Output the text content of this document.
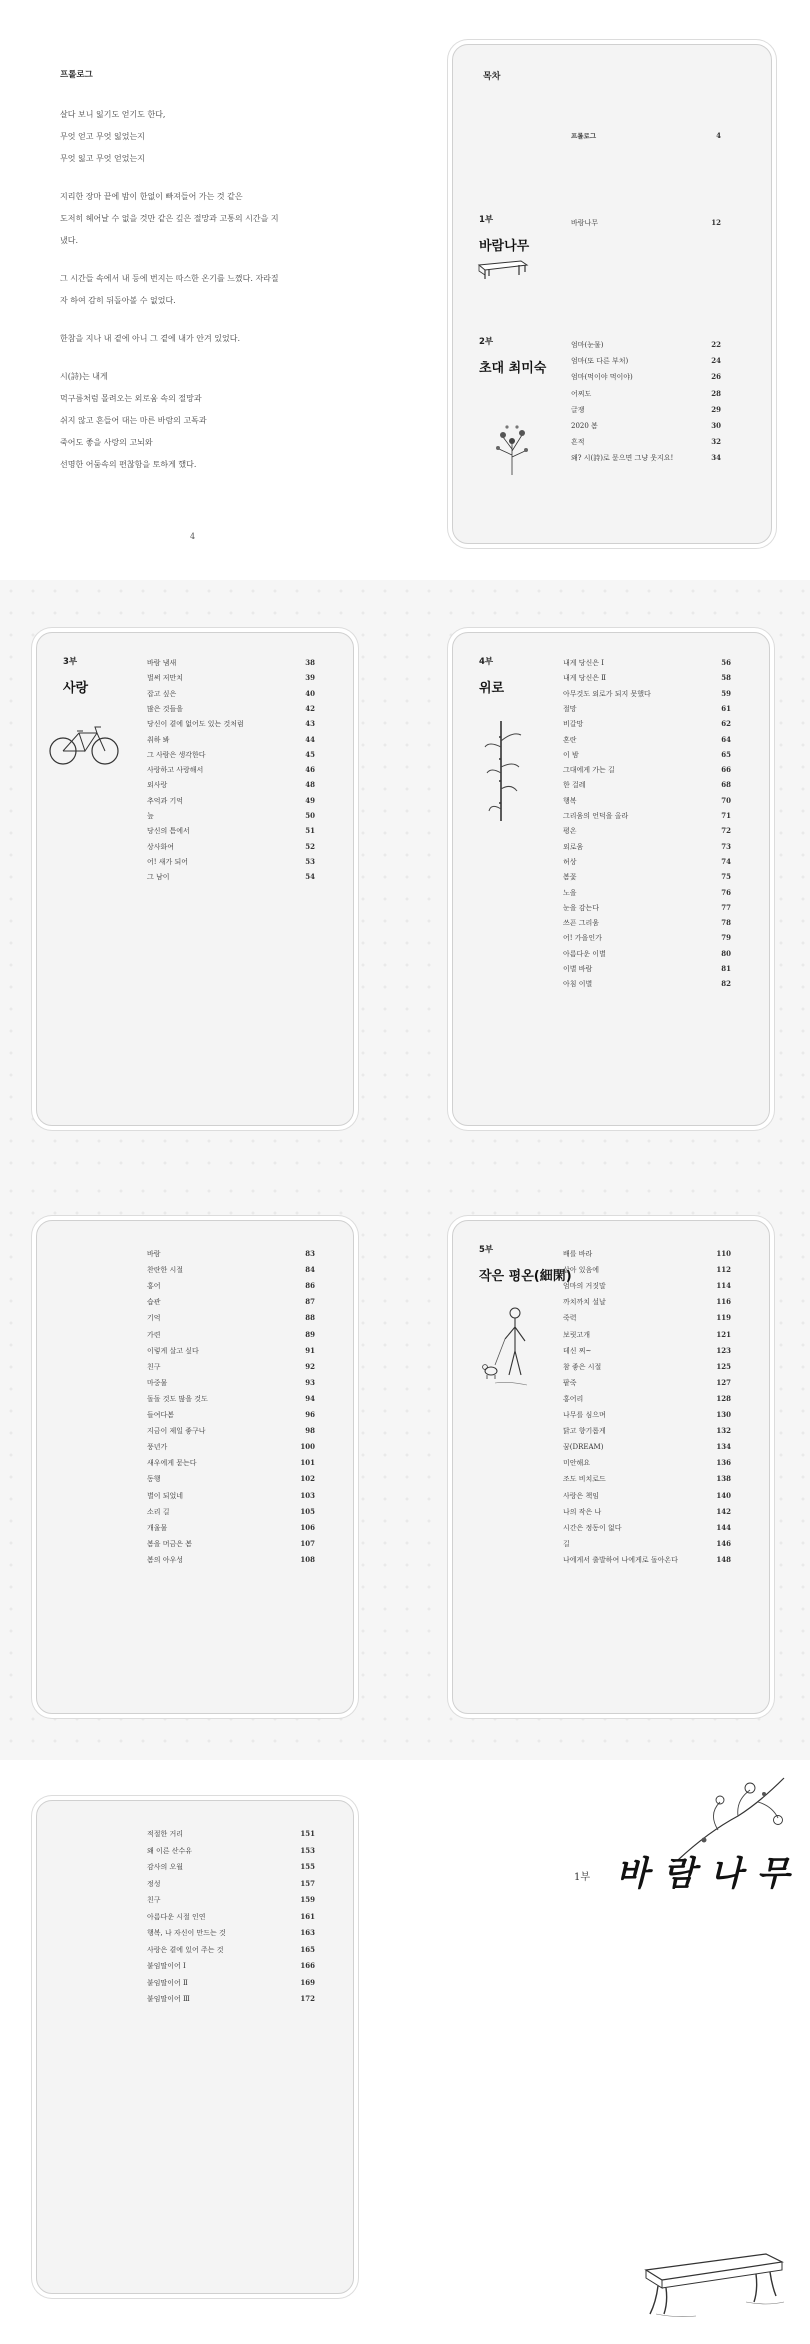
프롤로그

살다 보니 잃기도 얻기도 한다,
무엇 얻고 무엇 잃었는지
무엇 잃고 무엇 얻었는지

지리한 장마 끝에 밤이 한없이 빠져들어 가는 것 같은
도저히 헤어날 수 없을 것만 같은 깊은 절망과 고통의 시간을 지
냈다.

그 시간들 속에서 내 등에 번지는 따스한 온기를 느꼈다. 자라질
자 하여 감히 뒤돌아볼 수 없었다.

한참을 지나 내 곁에 아니 그 곁에 내가 안겨 있었다.

시(詩)는 내게
먹구름처럼 몰려오는 외로움 속의 절망과
쉬지 않고 흔들어 대는 마른 바람의 고독과
죽어도 좋을 사랑의 고뇌와
선명한 어둠속의 편찮함을 토하게 했다.

4
목차
프롤로그	4
1부
바람나무
2부
초대 최미숙
바람나무	12
엄마(눈물)	22
엄마(또 다른 부처)	24
엄마(먹이야 먹이야)	26
어찌도	28
글쟁	29
2020 봄	30
흔적	32
왜? 시(詩)로 묻으면 그냥 웃지요!	34
3부
사랑
바람 냄새	38
벌써 저만치	39
잡고 싶은	40
많은 것들을	42
당신이 곁에 없어도 있는 것처럼	43
취하 봐	44
그 사람은 생각한다	45
사랑하고 사랑해서	46
외사랑	48
추억과 기억	49
늪	50
당신의 틈에서	51
상사화여	52
어! 새가 되어	53
그 남이	54
4부
위로
내게 당신은 Ⅰ	56
내게 당신은 Ⅱ	58
아무것도 외로가 되지 못했다	59
절망	61
비갈망	62
혼란	64
이 밤	65
그대에게 가는 길	66
한 걸레	68
행복	70
그리움의 언덕을 올라	71
평온	72
외로움	73
허상	74
봄꽃	75
노을	76
눈을 감는다	77
쓰픈 그리움	78
어! 가을인가	79
아름다운 이별	80
이별 바람	81
아침 이별	82
바람	83
찬란한 시절	84
홍어	86
습관	87
기억	88
가련	89
이렇게 살고 싶다	91
친구	92
마중물	93
돌돌 것도 많을 것도	94
들여다봄	96
지금이 제일 좋구나	98
풍년가	100
새우에게 묻는다	101
동행	102
별이 되었네	103
소리 길	105
개울물	106
봄을 머금은 봄	107
봄의 아우성	108
5부
작은 평온(細閑)
배를 바라	110
살아 있음에	112
엄마의 거짓말	114
까치까치 설날	116
죽력	119
보릿고개	121
데신 찌~	123
참 좋은 시절	125
팥죽	127
홍어리	128
나무를 심으며	130
닭고 향기롭게	132
꿈(DREAM)	134
미안해요	136
조도 비치로드	138
사랑은 책임	140
나의 작은 나	142
시간은 정동이 없다	144
길	146
나에게서 출발하여 나에게로 돌아온다	148
적절한 거리	151
왜 이른 산수유	153
감사의 오월	155
정성	157
친구	159
아름다운 시절 인연	161
행복, 나 자신이 만드는 것	163
사랑은 곁에 있어 주는 것	165
붙임딸이어 Ⅰ	166
붙임딸이어 Ⅱ	169
붙임딸이어 Ⅲ	172
1부 바람나무
